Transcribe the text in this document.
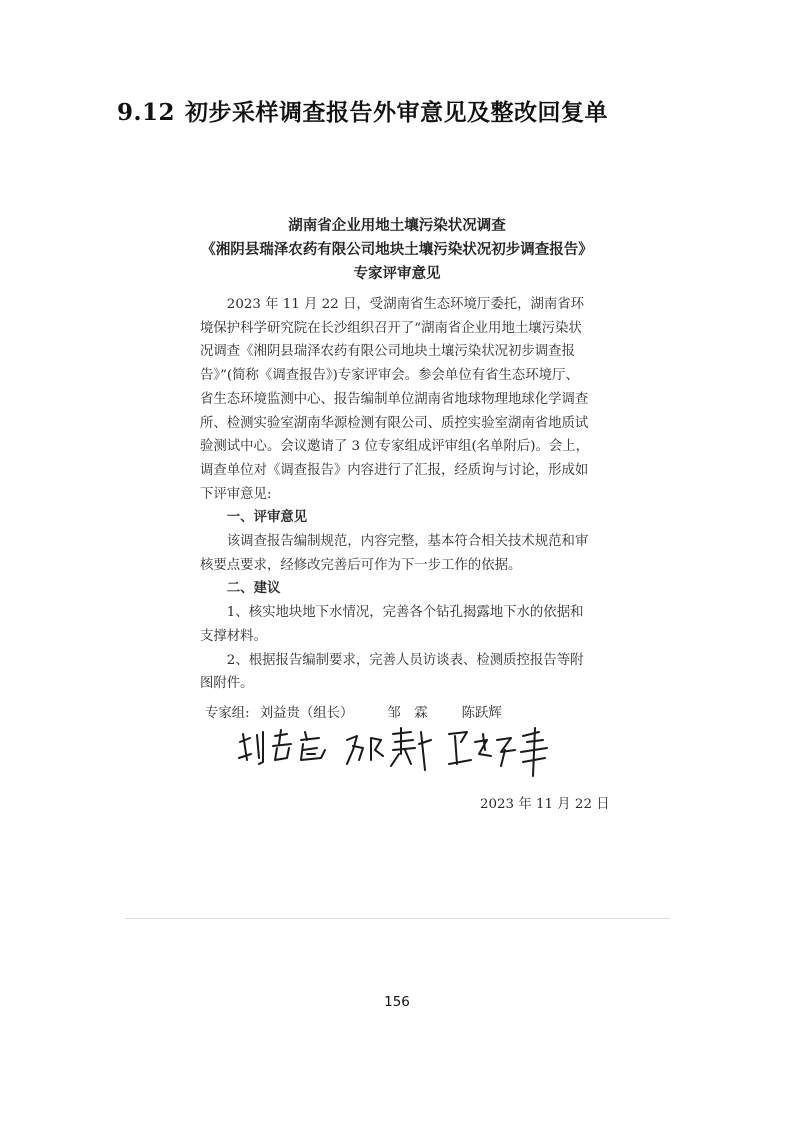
9.12 初步采样调查报告外审意见及整改回复单
湖南省企业用地土壤污染状况调查
《湘阴县瑞泽农药有限公司地块土壤污染状况初步调查报告》
专家评审意见

2023 年 11 月 22 日，受湖南省生态环境厅委托，湖南省环境保护科学研究院在长沙组织召开了“湖南省企业用地土壤污染状况调查《湘阴县瑞泽农药有限公司地块土壤污染状况初步调查报告》”(简称《调查报告》)专家评审会。参会单位有省生态环境厅、省生态环境监测中心、报告编制单位湖南省地球物理地球化学调查所、检测实验室湖南华源检测有限公司、质控实验室湖南省地质试验测试中心。会议邀请了 3 位专家组成评审组(名单附后)。会上，调查单位对《调查报告》内容进行了汇报，经质询与讨论，形成如下评审意见:

一、评审意见

该调查报告编制规范，内容完整，基本符合相关技术规范和审核要点要求，经修改完善后可作为下一步工作的依据。

二、建议

1、核实地块地下水情况，完善各个钻孔揭露地下水的依据和支撑材料。

2、根据报告编制要求，完善人员访谈表、检测质控报告等附图附件。

专家组: 刘益贵（组长）	邹　霖	陈跃辉
2023 年 11 月 22 日
156
